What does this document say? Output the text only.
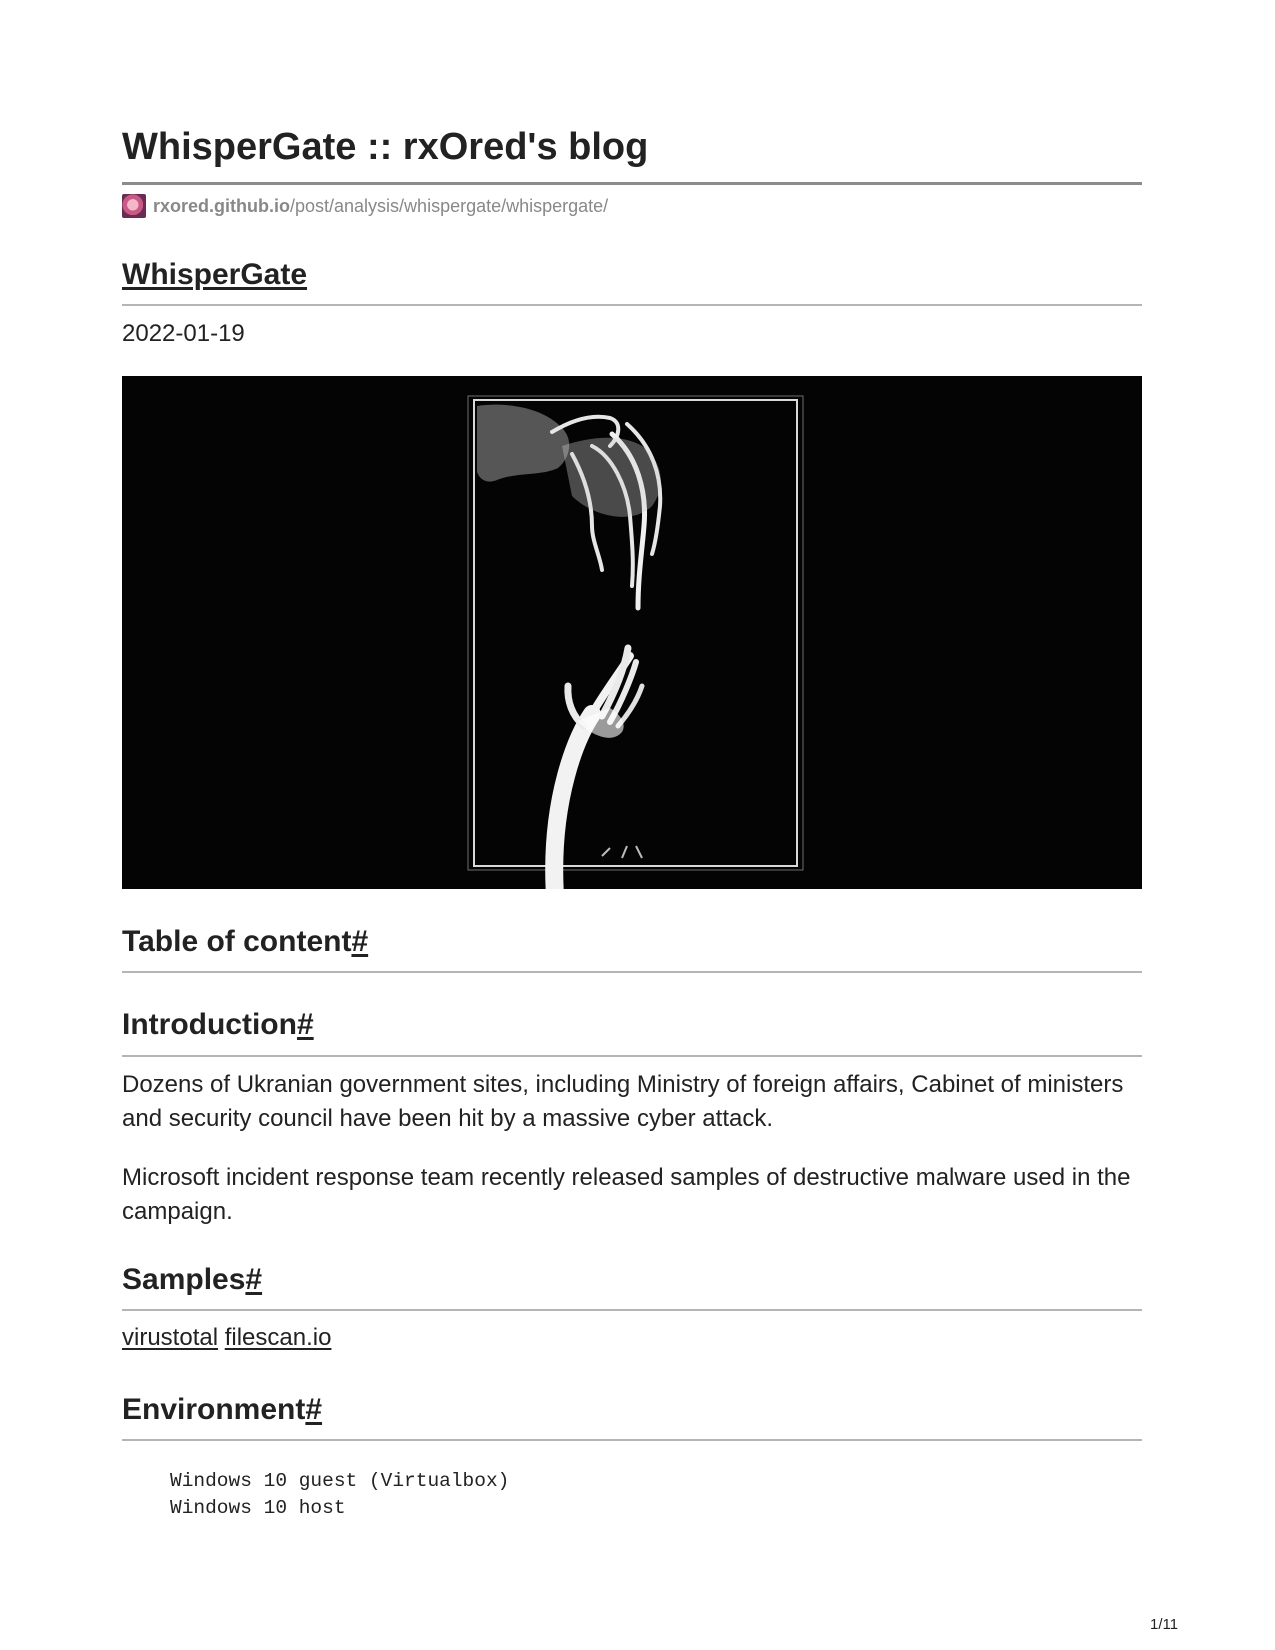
WhisperGate :: rxOred's blog
rxored.github.io /post/analysis/whispergate/whispergate/
WhisperGate
2022-01-19
Table of content#
Introduction#

Dozens of Ukranian government sites, including Ministry of foreign affairs, Cabinet of ministers and security council have been hit by a massive cyber attack.

Microsoft incident response team recently released samples of destructive malware used in the campaign.

Samples#
virustotal filescan.io
Environment#
Windows 10 guest (Virtualbox)
Windows 10 host
1/11
